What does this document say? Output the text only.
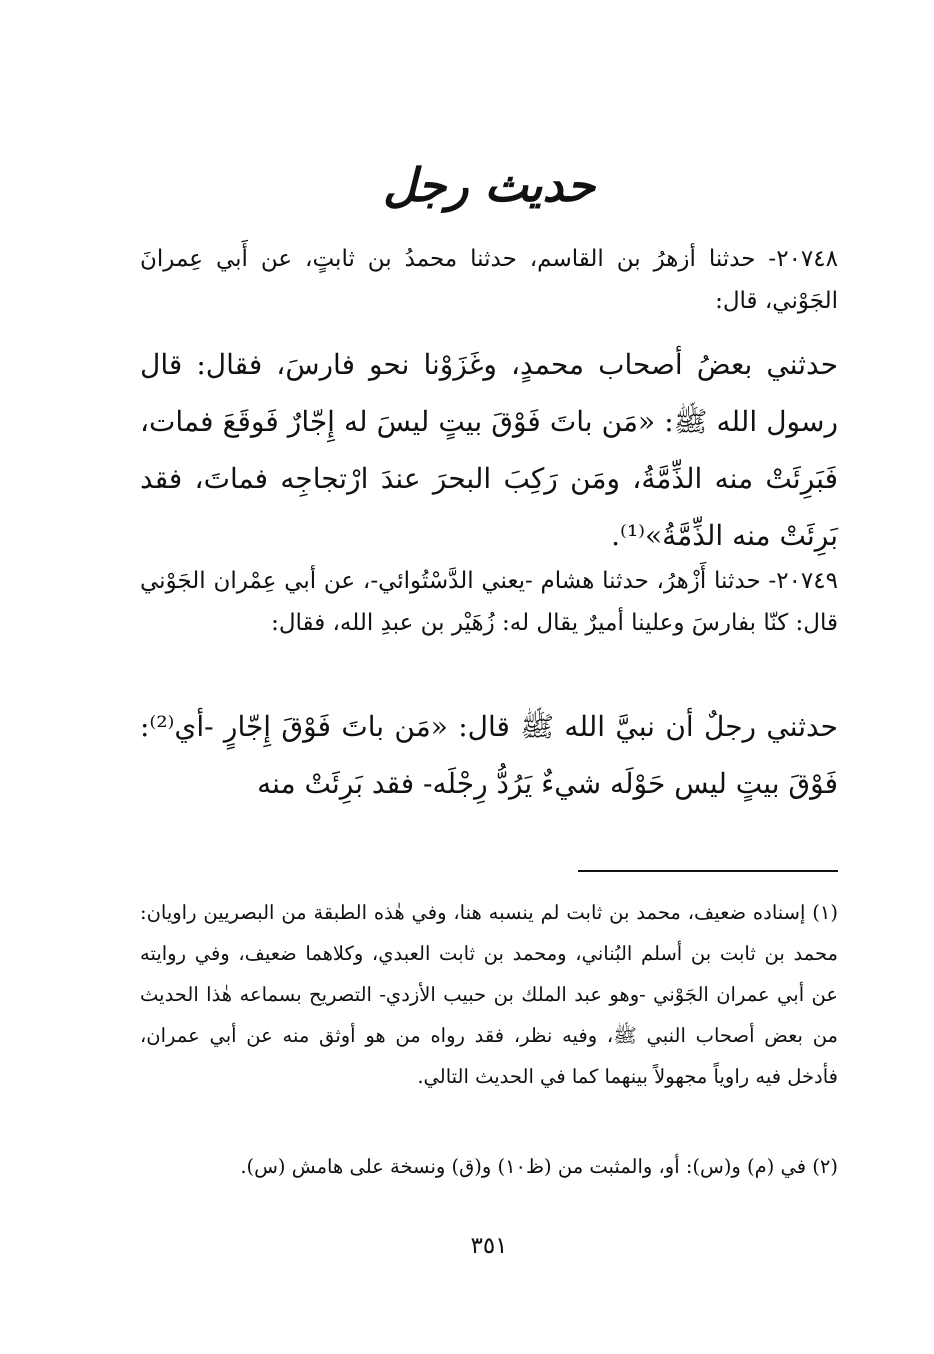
حديث رجل

٢٠٧٤٨- حدثنا أزهرُ بن القاسم، حدثنا محمدُ بن ثابتٍ، عن أَبي عِمرانَ الجَوْني، قال:

حدثني بعضُ أصحاب محمدٍ، وغَزَوْنا نحو فارسَ، فقال: قال رسول الله ﷺ: «مَن باتَ فَوْقَ بيتٍ ليسَ له إِجّارٌ فَوقَعَ فمات، فَبَرِئَتْ منه الذِّمَّةُ، ومَن رَكِبَ البحرَ عندَ ارْتجاجِه فماتَ، فقد بَرِئَتْ منه الذِّمَّةُ»⁽¹⁾.

٢٠٧٤٩- حدثنا أَزْهرُ، حدثنا هشام -يعني الدَّسْتُوائي-، عن أبي عِمْران الجَوْني قال: كنّا بفارسَ وعلينا أميرٌ يقال له: زُهَيْر بن عبدِ الله، فقال:

حدثني رجلٌ أن نبيَّ الله ﷺ قال: «مَن باتَ فَوْقَ إِجّارٍ -أي⁽²⁾: فَوْقَ بيتٍ ليس حَوْلَه شيءٌ يَرُدُّ رِجْلَه- فقد بَرِئَتْ منه

(١) إسناده ضعيف، محمد بن ثابت لم ينسبه هنا، وفي هٰذه الطبقة من البصريين راويان: محمد بن ثابت بن أسلم البُناني، ومحمد بن ثابت العبدي، وكلاهما ضعيف، وفي روايته عن أبي عمران الجَوْني -وهو عبد الملك بن حبيب الأزدي- التصريح بسماعه هٰذا الحديث من بعض أصحاب النبي ﷺ، وفيه نظر، فقد رواه من هو أوثق منه عن أبي عمران، فأدخل فيه راوياً مجهولاً بينهما كما في الحديث التالي.

(٢) في (م) و(س): أو، والمثبت من (ظ١٠) و(ق) ونسخة على هامش (س).

٣٥١
